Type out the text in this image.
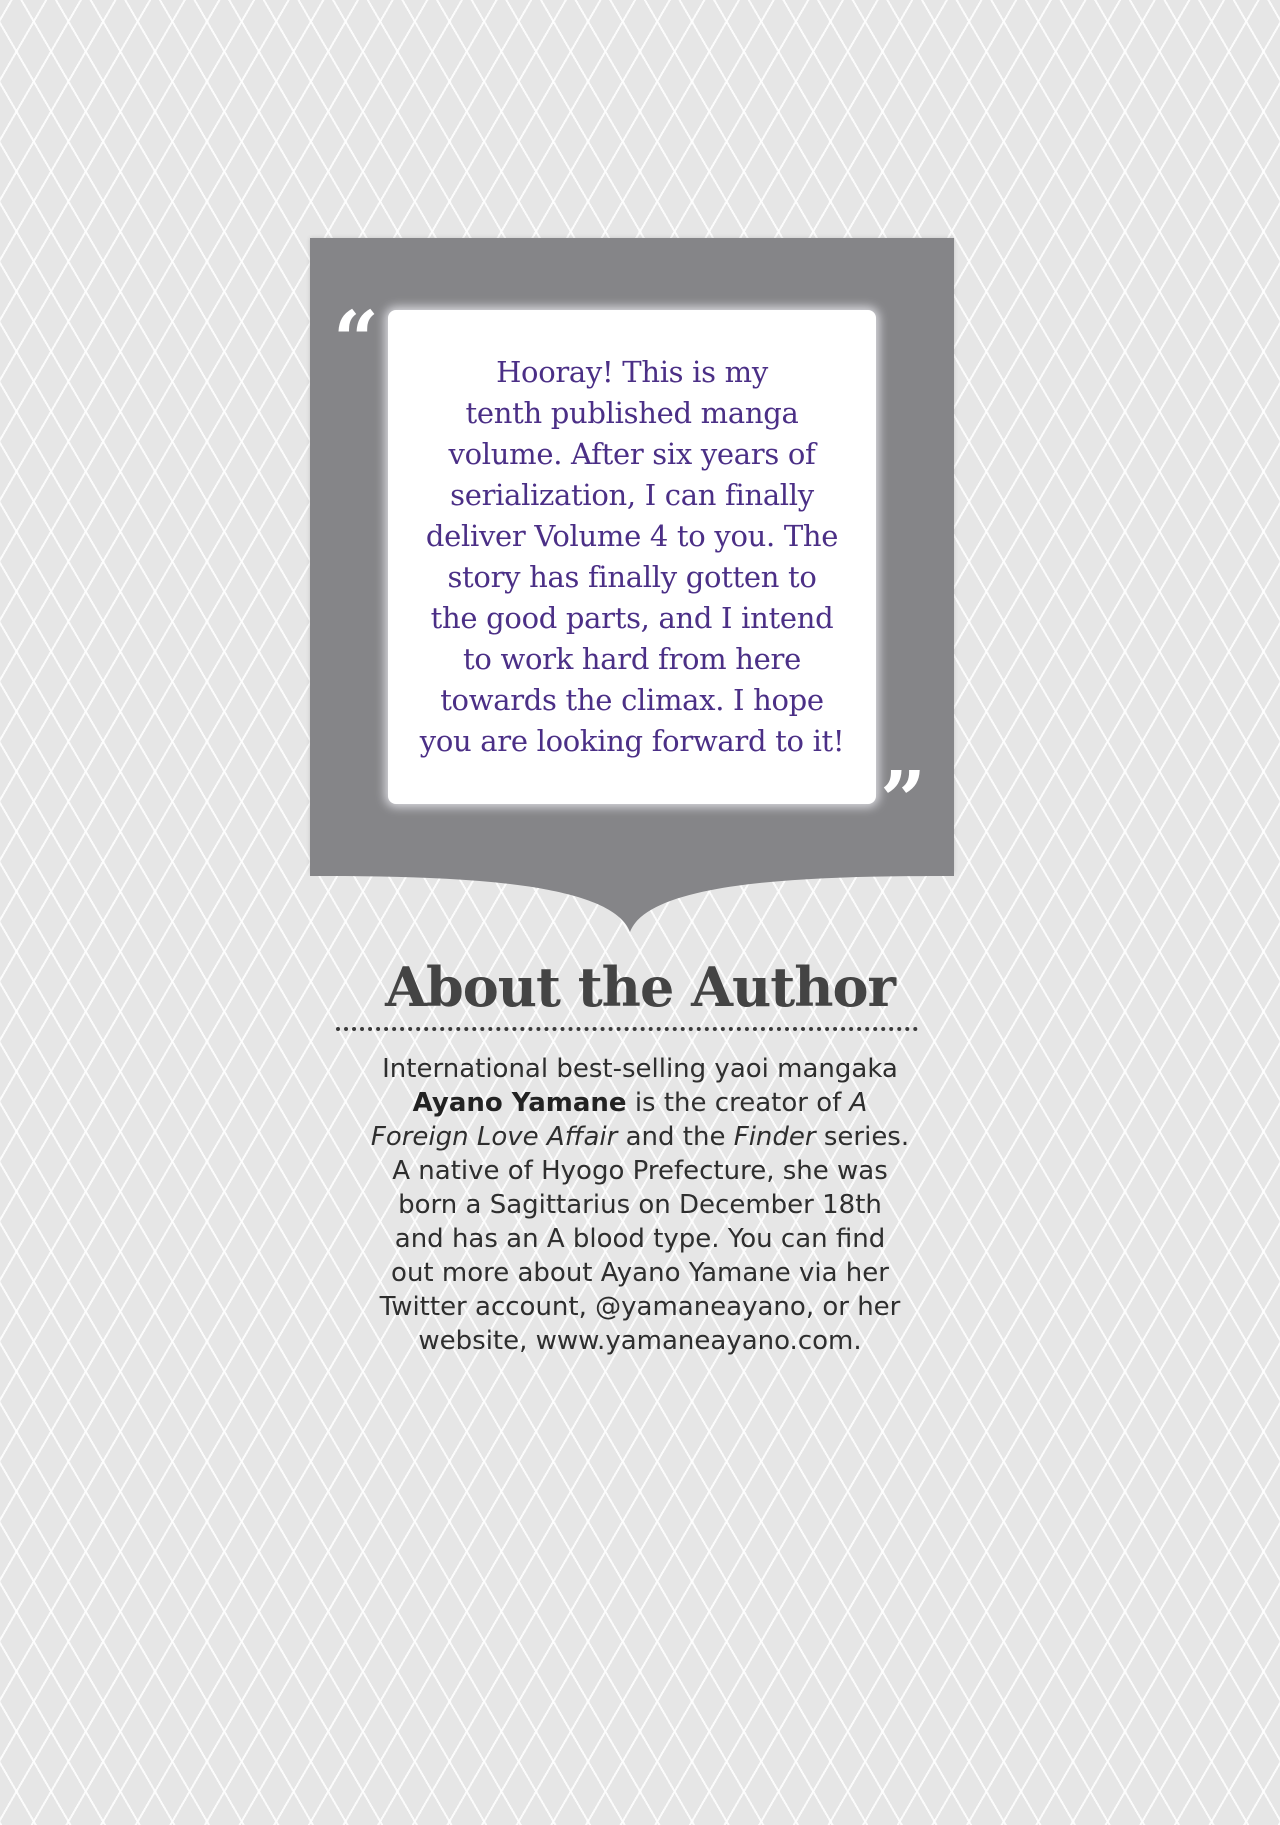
Hooray! This is my
tenth published manga
volume. After six years of
serialization, I can finally
deliver Volume 4 to you. The
story has finally gotten to
the good parts, and I intend
to work hard from here
towards the climax. I hope
you are looking forward to it!

“
”
About the Author

International best-selling yaoi mangaka
Ayano Yamane is the creator of A
Foreign Love Affair and the Finder series.
A native of Hyogo Prefecture, she was
born a Sagittarius on December 18th
and has an A blood type. You can find
out more about Ayano Yamane via her
Twitter account, @yamaneayano, or her
website, www.yamaneayano.com.
